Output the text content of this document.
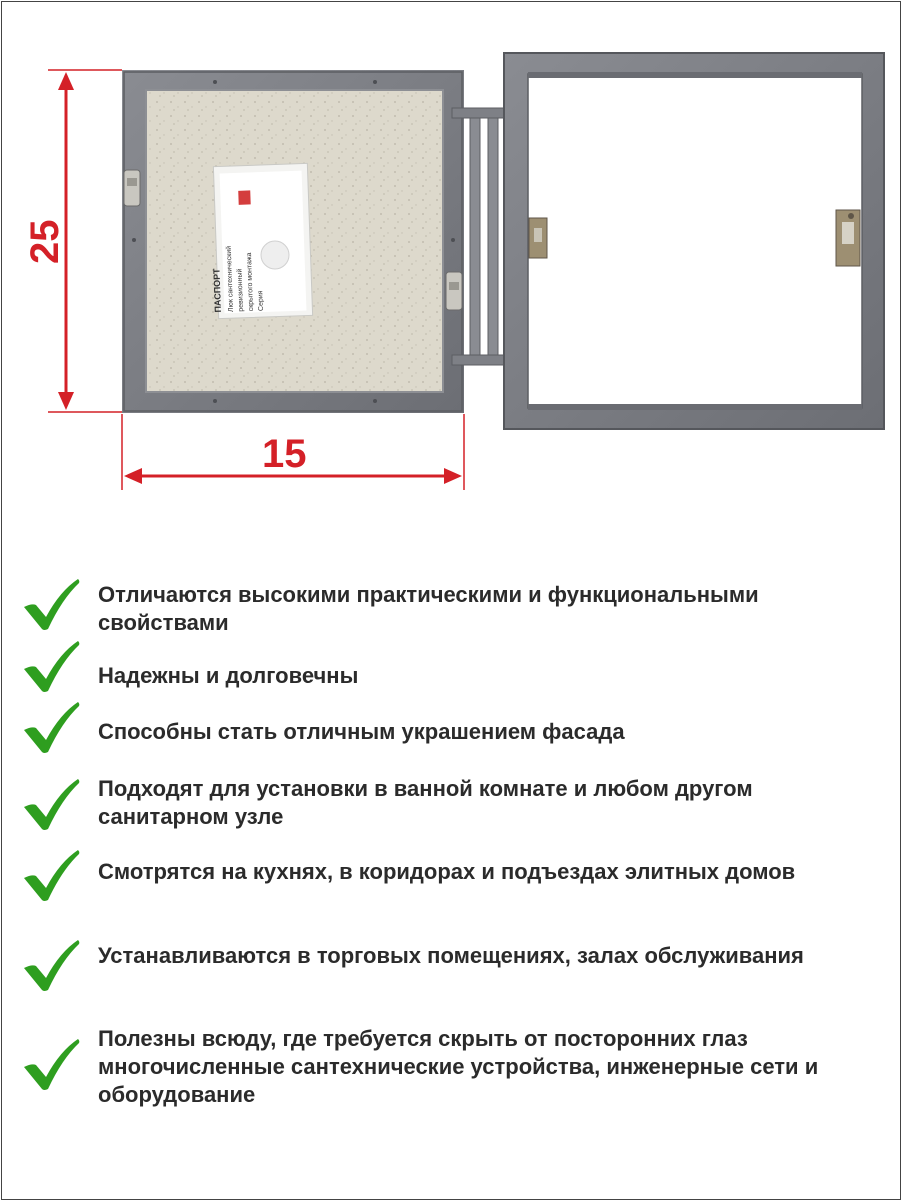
25
15
Люк сантехнический ревизионный скрытого монтажа Серия
ПАСПОРТ
Отличаются высокими практическими и функциональными свойствами
Надежны и долговечны
Способны стать отличным украшением фасада
Подходят для установки в ванной комнате и любом другом санитарном узле
Смотрятся на кухнях, в коридорах и подъездах элитных домов
Устанавливаются в торговых помещениях, залах обслуживания
Полезны всюду, где требуется скрыть от посторонних глаз многочисленные сантехнические устройства, инженерные сети и оборудование
